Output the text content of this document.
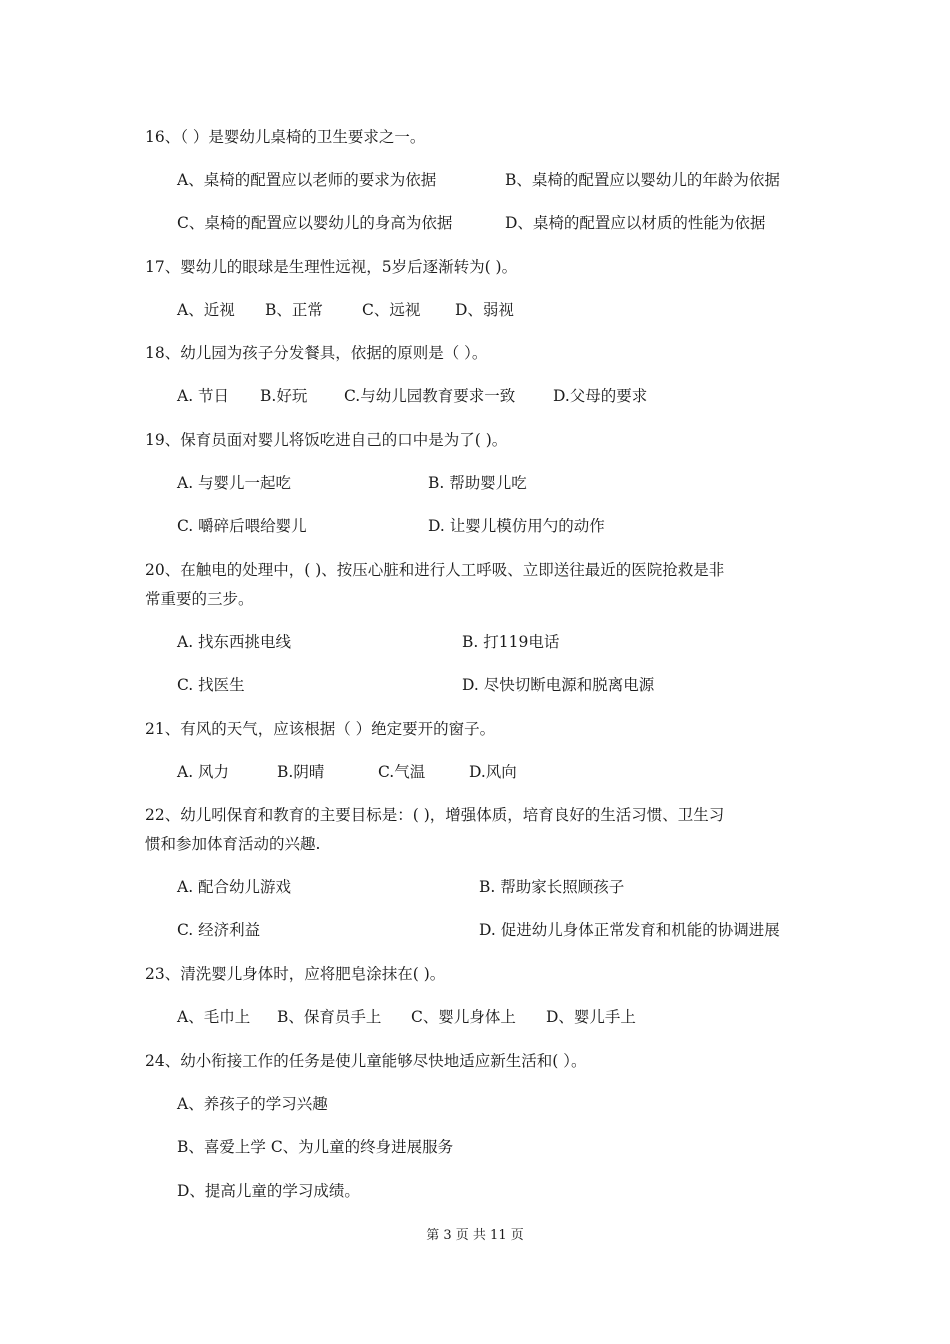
16、（ ）是婴幼儿桌椅的卫生要求之一。
A、桌椅的配置应以老师的要求为依据	B、桌椅的配置应以婴幼儿的年龄为依据
C、桌椅的配置应以婴幼儿的身高为依据	D、桌椅的配置应以材质的性能为依据
17、婴幼儿的眼球是生理性远视，5岁后逐渐转为( )。
A、近视 B、正常	C、远视 D、弱视
18、幼儿园为孩子分发餐具，依据的原则是（ ）。
A. 节日 B.好玩 C.与幼儿园教育要求一致 D.父母的要求
19、保育员面对婴儿将饭吃进自己的口中是为了( )。
A. 与婴儿一起吃	B. 帮助婴儿吃
C. 嚼碎后喂给婴儿	D. 让婴儿模仿用勺的动作
20、在触电的处理中，( )、按压心脏和进行人工呼吸、立即送往最近的医院抢救是非
常重要的三步。
A. 找东西挑电线	B. 打119电话
C. 找医生	D. 尽快切断电源和脱离电源
21、有风的天气，应该根据（ ）绝定要开的窗子。
A. 风力	B.阴晴	C.气温	D.风向
22、幼儿吲保育和教育的主要目标是：( )，增强体质，培育良好的生活习惯、卫生习
惯和参加体育活动的兴趣.
A. 配合幼儿游戏	B. 帮助家长照顾孩子
C. 经济利益	D. 促进幼儿身体正常发育和机能的协调进展
23、清洗婴儿身体时，应将肥皂涂抹在( )。
A、毛巾上 B、保育员手上 C、婴儿身体上 D、婴儿手上
24、幼小衔接工作的任务是使儿童能够尽快地适应新生活和( ）。
A、养孩子的学习兴趣
B、喜爱上学 C、为儿童的终身进展服务
D、提高儿童的学习成绩。
第 3 页 共 11 页
